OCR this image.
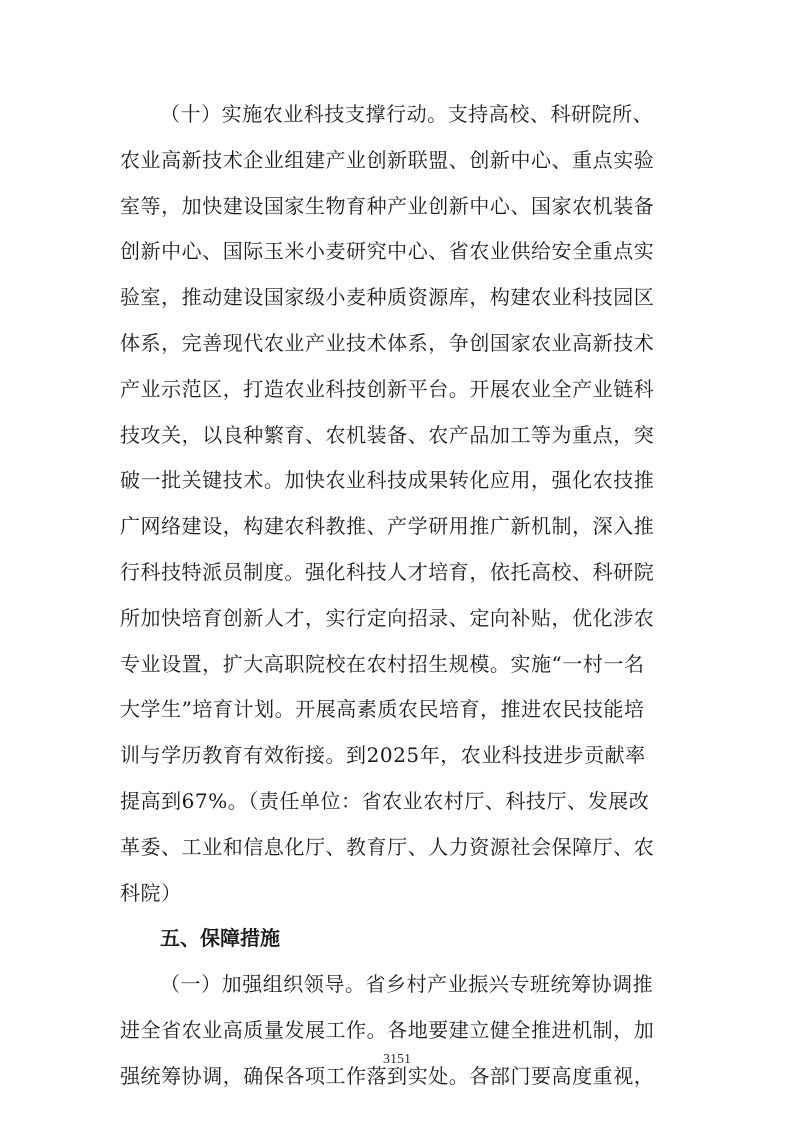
（十）实施农业科技支撑行动。支持高校、科研院所、
农业高新技术企业组建产业创新联盟、创新中心、重点实验
室等，加快建设国家生物育种产业创新中心、国家农机装备
创新中心、国际玉米小麦研究中心、省农业供给安全重点实
验室，推动建设国家级小麦种质资源库，构建农业科技园区
体系，完善现代农业产业技术体系，争创国家农业高新技术
产业示范区，打造农业科技创新平台。开展农业全产业链科
技攻关，以良种繁育、农机装备、农产品加工等为重点，突
破一批关键技术。加快农业科技成果转化应用，强化农技推
广网络建设，构建农科教推、产学研用推广新机制，深入推
行科技特派员制度。强化科技人才培育，依托高校、科研院
所加快培育创新人才，实行定向招录、定向补贴，优化涉农
专业设置，扩大高职院校在农村招生规模。实施“一村一名
大学生”培育计划。开展高素质农民培育，推进农民技能培
训与学历教育有效衔接。到2025年，农业科技进步贡献率
提高到67%。（责任单位：省农业农村厅、科技厅、发展改
革委、工业和信息化厅、教育厅、人力资源社会保障厅、农
科院）
五、保障措施
（一）加强组织领导。省乡村产业振兴专班统筹协调推
进全省农业高质量发展工作。各地要建立健全推进机制，加
强统筹协调，确保各项工作落到实处。各部门要高度重视，
3151
